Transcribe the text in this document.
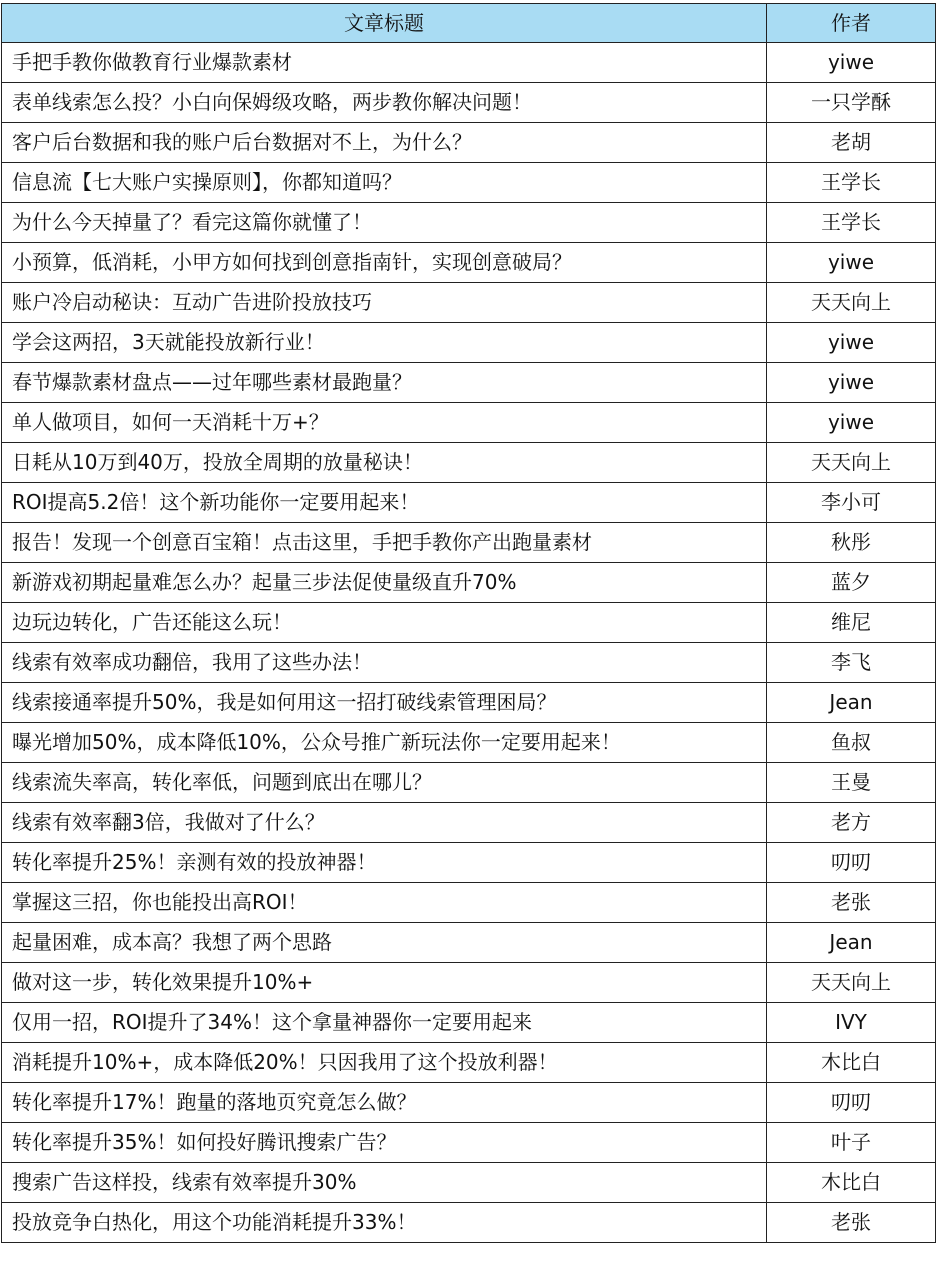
文章标题	作者
手把手教你做教育行业爆款素材	yiwe
表单线索怎么投？小白向保姆级攻略，两步教你解决问题！	一只学酥
客户后台数据和我的账户后台数据对不上，为什么？	老胡
信息流【七大账户实操原则】，你都知道吗？	王学长
为什么今天掉量了？看完这篇你就懂了！	王学长
小预算，低消耗，小甲方如何找到创意指南针，实现创意破局？	yiwe
账户冷启动秘诀：互动广告进阶投放技巧	天天向上
学会这两招，3天就能投放新行业！	yiwe
春节爆款素材盘点——过年哪些素材最跑量？	yiwe
单人做项目，如何一天消耗十万+？	yiwe
日耗从10万到40万，投放全周期的放量秘诀！	天天向上
ROI提高5.2倍！这个新功能你一定要用起来！	李小可
报告！发现一个创意百宝箱！点击这里，手把手教你产出跑量素材	秋彤
新游戏初期起量难怎么办？起量三步法促使量级直升70%	蓝夕
边玩边转化，广告还能这么玩！	维尼
线索有效率成功翻倍，我用了这些办法！	李飞
线索接通率提升50%，我是如何用这一招打破线索管理困局？	Jean
曝光增加50%，成本降低10%，公众号推广新玩法你一定要用起来！	鱼叔
线索流失率高，转化率低，问题到底出在哪儿？	王曼
线索有效率翻3倍，我做对了什么？	老方
转化率提升25%！亲测有效的投放神器！	叨叨
掌握这三招，你也能投出高ROI！	老张
起量困难，成本高？我想了两个思路	Jean
做对这一步，转化效果提升10%+	天天向上
仅用一招，ROI提升了34%！这个拿量神器你一定要用起来	IVY
消耗提升10%+，成本降低20%！只因我用了这个投放利器！	木比白
转化率提升17%！跑量的落地页究竟怎么做？	叨叨
转化率提升35%！如何投好腾讯搜索广告？	叶子
搜索广告这样投，线索有效率提升30%	木比白
投放竞争白热化，用这个功能消耗提升33%！	老张
